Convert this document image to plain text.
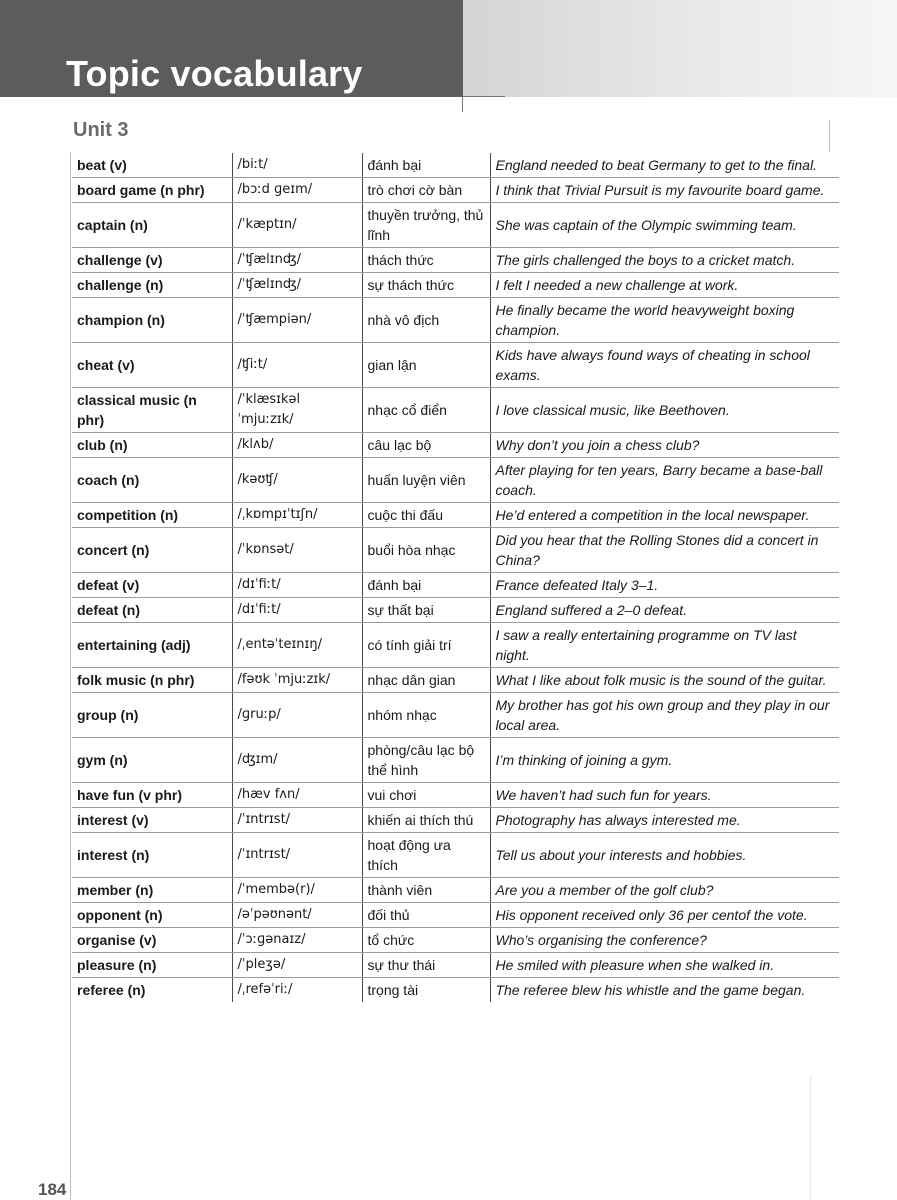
Topic vocabulary
Unit 3
beat (v)	/biːt/	đánh bại	England needed to beat Germany to get to the final.
board game (n phr)	/bɔːd ɡeɪm/	trò chơi cờ bàn	I think that Trivial Pursuit is my favourite board game.
captain (n)	/ˈkæptɪn/	thuyền trưởng, thủ lĩnh	She was captain of the Olympic swimming team.
challenge (v)	/ˈʧælɪnʤ/	thách thức	The girls challenged the boys to a cricket match.
challenge (n)	/ˈʧælɪnʤ/	sự thách thức	I felt I needed a new challenge at work.
champion (n)	/ˈʧæmpiən/	nhà vô địch	He finally became the world heavyweight boxing champion.
cheat (v)	/ʧiːt/	gian lận	Kids have always found ways of cheating in school exams.
classical music (n phr)	/ˈklæsɪkəl ˈmjuːzɪk/	nhạc cổ điển	I love classical music, like Beethoven.
club (n)	/klʌb/	câu lạc bộ	Why don’t you join a chess club?
coach (n)	/kəʊʧ/	huấn luyện viên	After playing for ten years, Barry became a base-ball coach.
competition (n)	/ˌkɒmpɪˈtɪʃn/	cuộc thi đấu	He’d entered a competition in the local newspaper.
concert (n)	/ˈkɒnsət/	buổi hòa nhạc	Did you hear that the Rolling Stones did a concert in China?
defeat (v)	/dɪˈfiːt/	đánh bại	France defeated Italy 3–1.
defeat (n)	/dɪˈfiːt/	sự thất bại	England suffered a 2–0 defeat.
entertaining (adj)	/ˌentəˈteɪnɪŋ/	có tính giải trí	I saw a really entertaining programme on TV last night.
folk music (n phr)	/fəʊk ˈmjuːzɪk/	nhạc dân gian	What I like about folk music is the sound of the guitar.
group (n)	/ɡruːp/	nhóm nhạc	My brother has got his own group and they play in our local area.
gym (n)	/ʤɪm/	phòng/câu lạc bộ thể hình	I’m thinking of joining a gym.
have fun (v phr)	/hæv fʌn/	vui chơi	We haven’t had such fun for years.
interest (v)	/ˈɪntrɪst/	khiến ai thích thú	Photography has always interested me.
interest (n)	/ˈɪntrɪst/	hoạt động ưa thích	Tell us about your interests and hobbies.
member (n)	/ˈmembə(r)/	thành viên	Are you a member of the golf club?
opponent (n)	/əˈpəʊnənt/	đối thủ	His opponent received only 36 per centof the vote.
organise (v)	/ˈɔːɡənaɪz/	tổ chức	Who’s organising the conference?
pleasure (n)	/ˈpleʒə/	sự thư thái	He smiled with pleasure when she walked in.
referee (n)	/ˌrefəˈriː/	trọng tài	The referee blew his whistle and the game began.
184
